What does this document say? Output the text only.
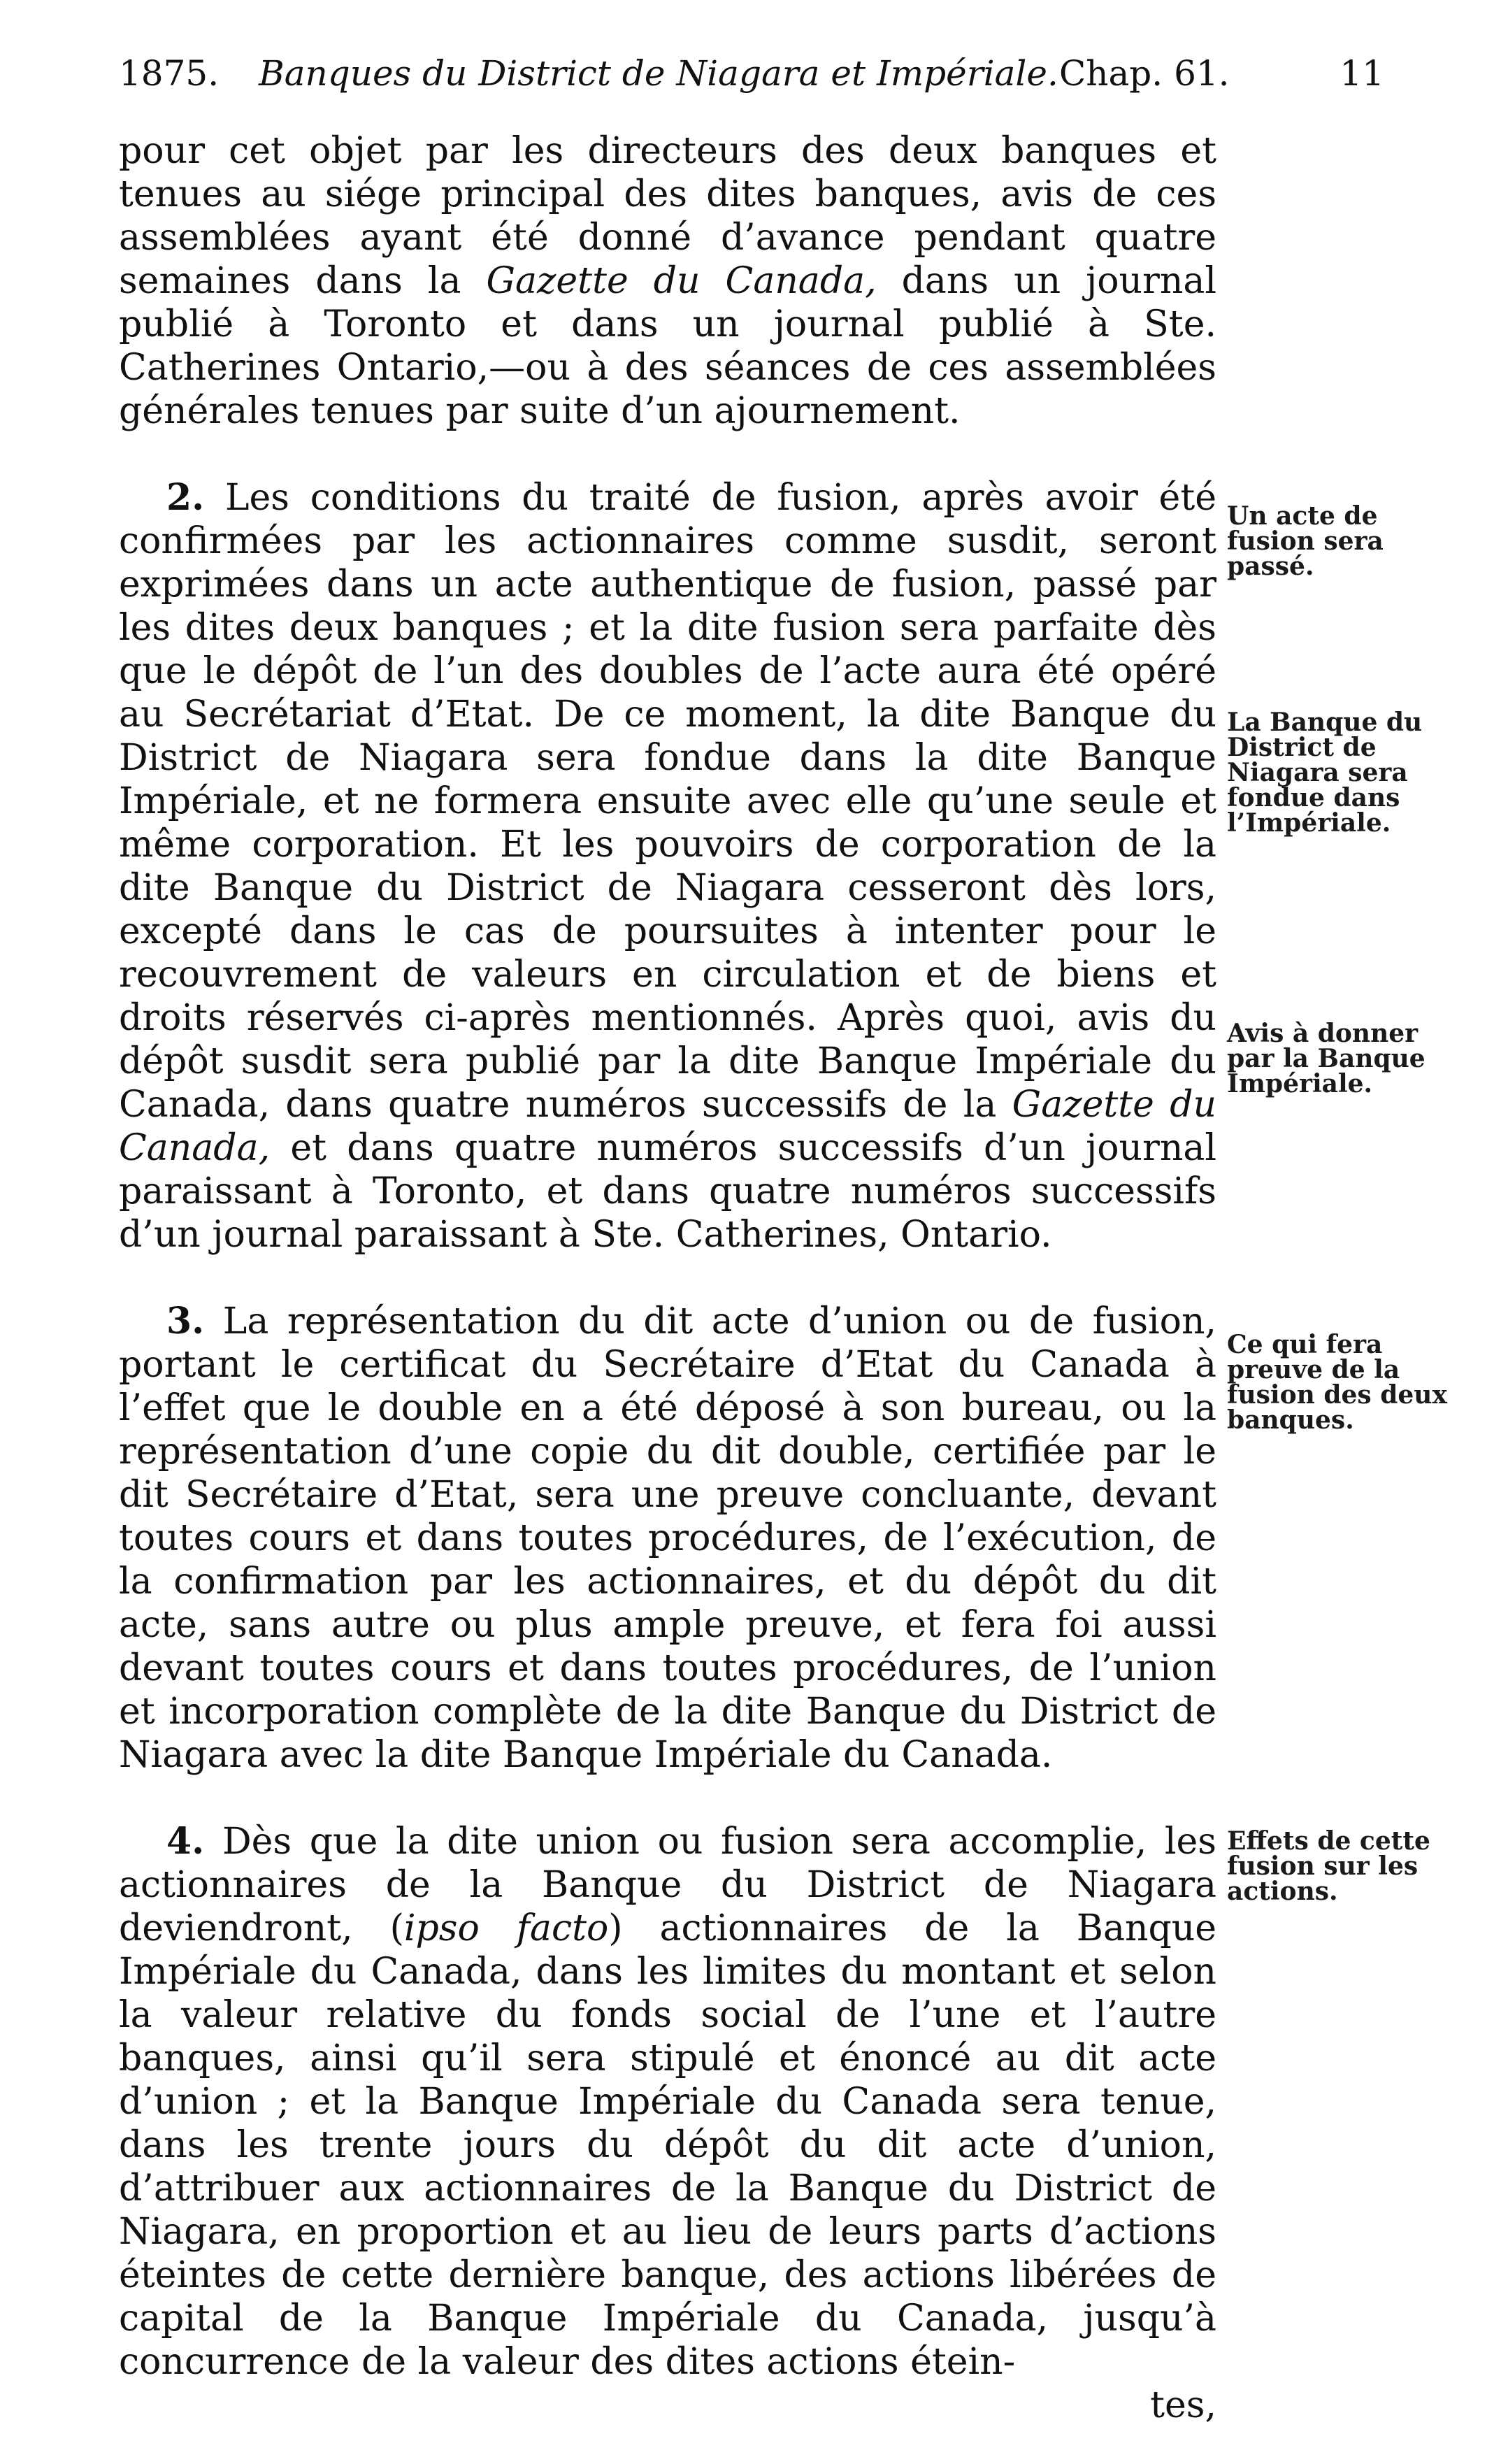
1875. Banques du District de Niagara et Impériale. Chap. 61.	11

pour cet objet par les directeurs des deux banques et tenues au siége principal des dites banques, avis de ces assemblées ayant été donné d’avance pendant quatre semaines dans la Gazette du Canada, dans un journal publié à Toronto et dans un journal publié à Ste. Catherines Ontario,—ou à des séances de ces assemblées générales tenues par suite d’un ajournement.

2. Les conditions du traité de fusion, après avoir été confirmées par les actionnaires comme susdit, seront exprimées dans un acte authentique de fusion, passé par les dites deux banques ; et la dite fusion sera parfaite dès que le dépôt de l’un des doubles de l’acte aura été opéré au Secrétariat d’Etat. De ce moment, la dite Banque du District de Niagara sera fondue dans la dite Banque Impériale, et ne formera ensuite avec elle qu’une seule et même corporation. Et les pouvoirs de corporation de la dite Banque du District de Niagara cesseront dès lors, excepté dans le cas de poursuites à intenter pour le recouvrement de valeurs en circulation et de biens et droits réservés ci-après mentionnés. Après quoi, avis du dépôt susdit sera publié par la dite Banque Impériale du Canada, dans quatre numéros successifs de la Gazette du Canada, et dans quatre numéros successifs d’un journal paraissant à Toronto, et dans quatre numéros successifs d’un journal paraissant à Ste. Catherines, Ontario.

3. La représentation du dit acte d’union ou de fusion, portant le certificat du Secrétaire d’Etat du Canada à l’effet que le double en a été déposé à son bureau, ou la représentation d’une copie du dit double, certifiée par le dit Secrétaire d’Etat, sera une preuve concluante, devant toutes cours et dans toutes procédures, de l’exécution, de la confirmation par les actionnaires, et du dépôt du dit acte, sans autre ou plus ample preuve, et fera foi aussi devant toutes cours et dans toutes procédures, de l’union et incorporation complète de la dite Banque du District de Niagara avec la dite Banque Impériale du Canada.

4. Dès que la dite union ou fusion sera accomplie, les actionnaires de la Banque du District de Niagara deviendront, (ipso facto) actionnaires de la Banque Impériale du Canada, dans les limites du montant et selon la valeur relative du fonds social de l’une et l’autre banques, ainsi qu’il sera stipulé et énoncé au dit acte d’union ; et la Banque Impériale du Canada sera tenue, dans les trente jours du dépôt du dit acte d’union, d’attribuer aux actionnaires de la Banque du District de Niagara, en proportion et au lieu de leurs parts d’actions éteintes de cette dernière banque, des actions libérées de capital de la Banque Impériale du Canada, jusqu’à concurrence de la valeur des dites actions étein-

tes,

Un acte de fusion sera passé.
La Banque du District de Niagara sera fondue dans l’Impériale.
Avis à donner par la Banque Impériale.
Ce qui fera preuve de la fusion des deux banques.
Effets de cette fusion sur les actions.
